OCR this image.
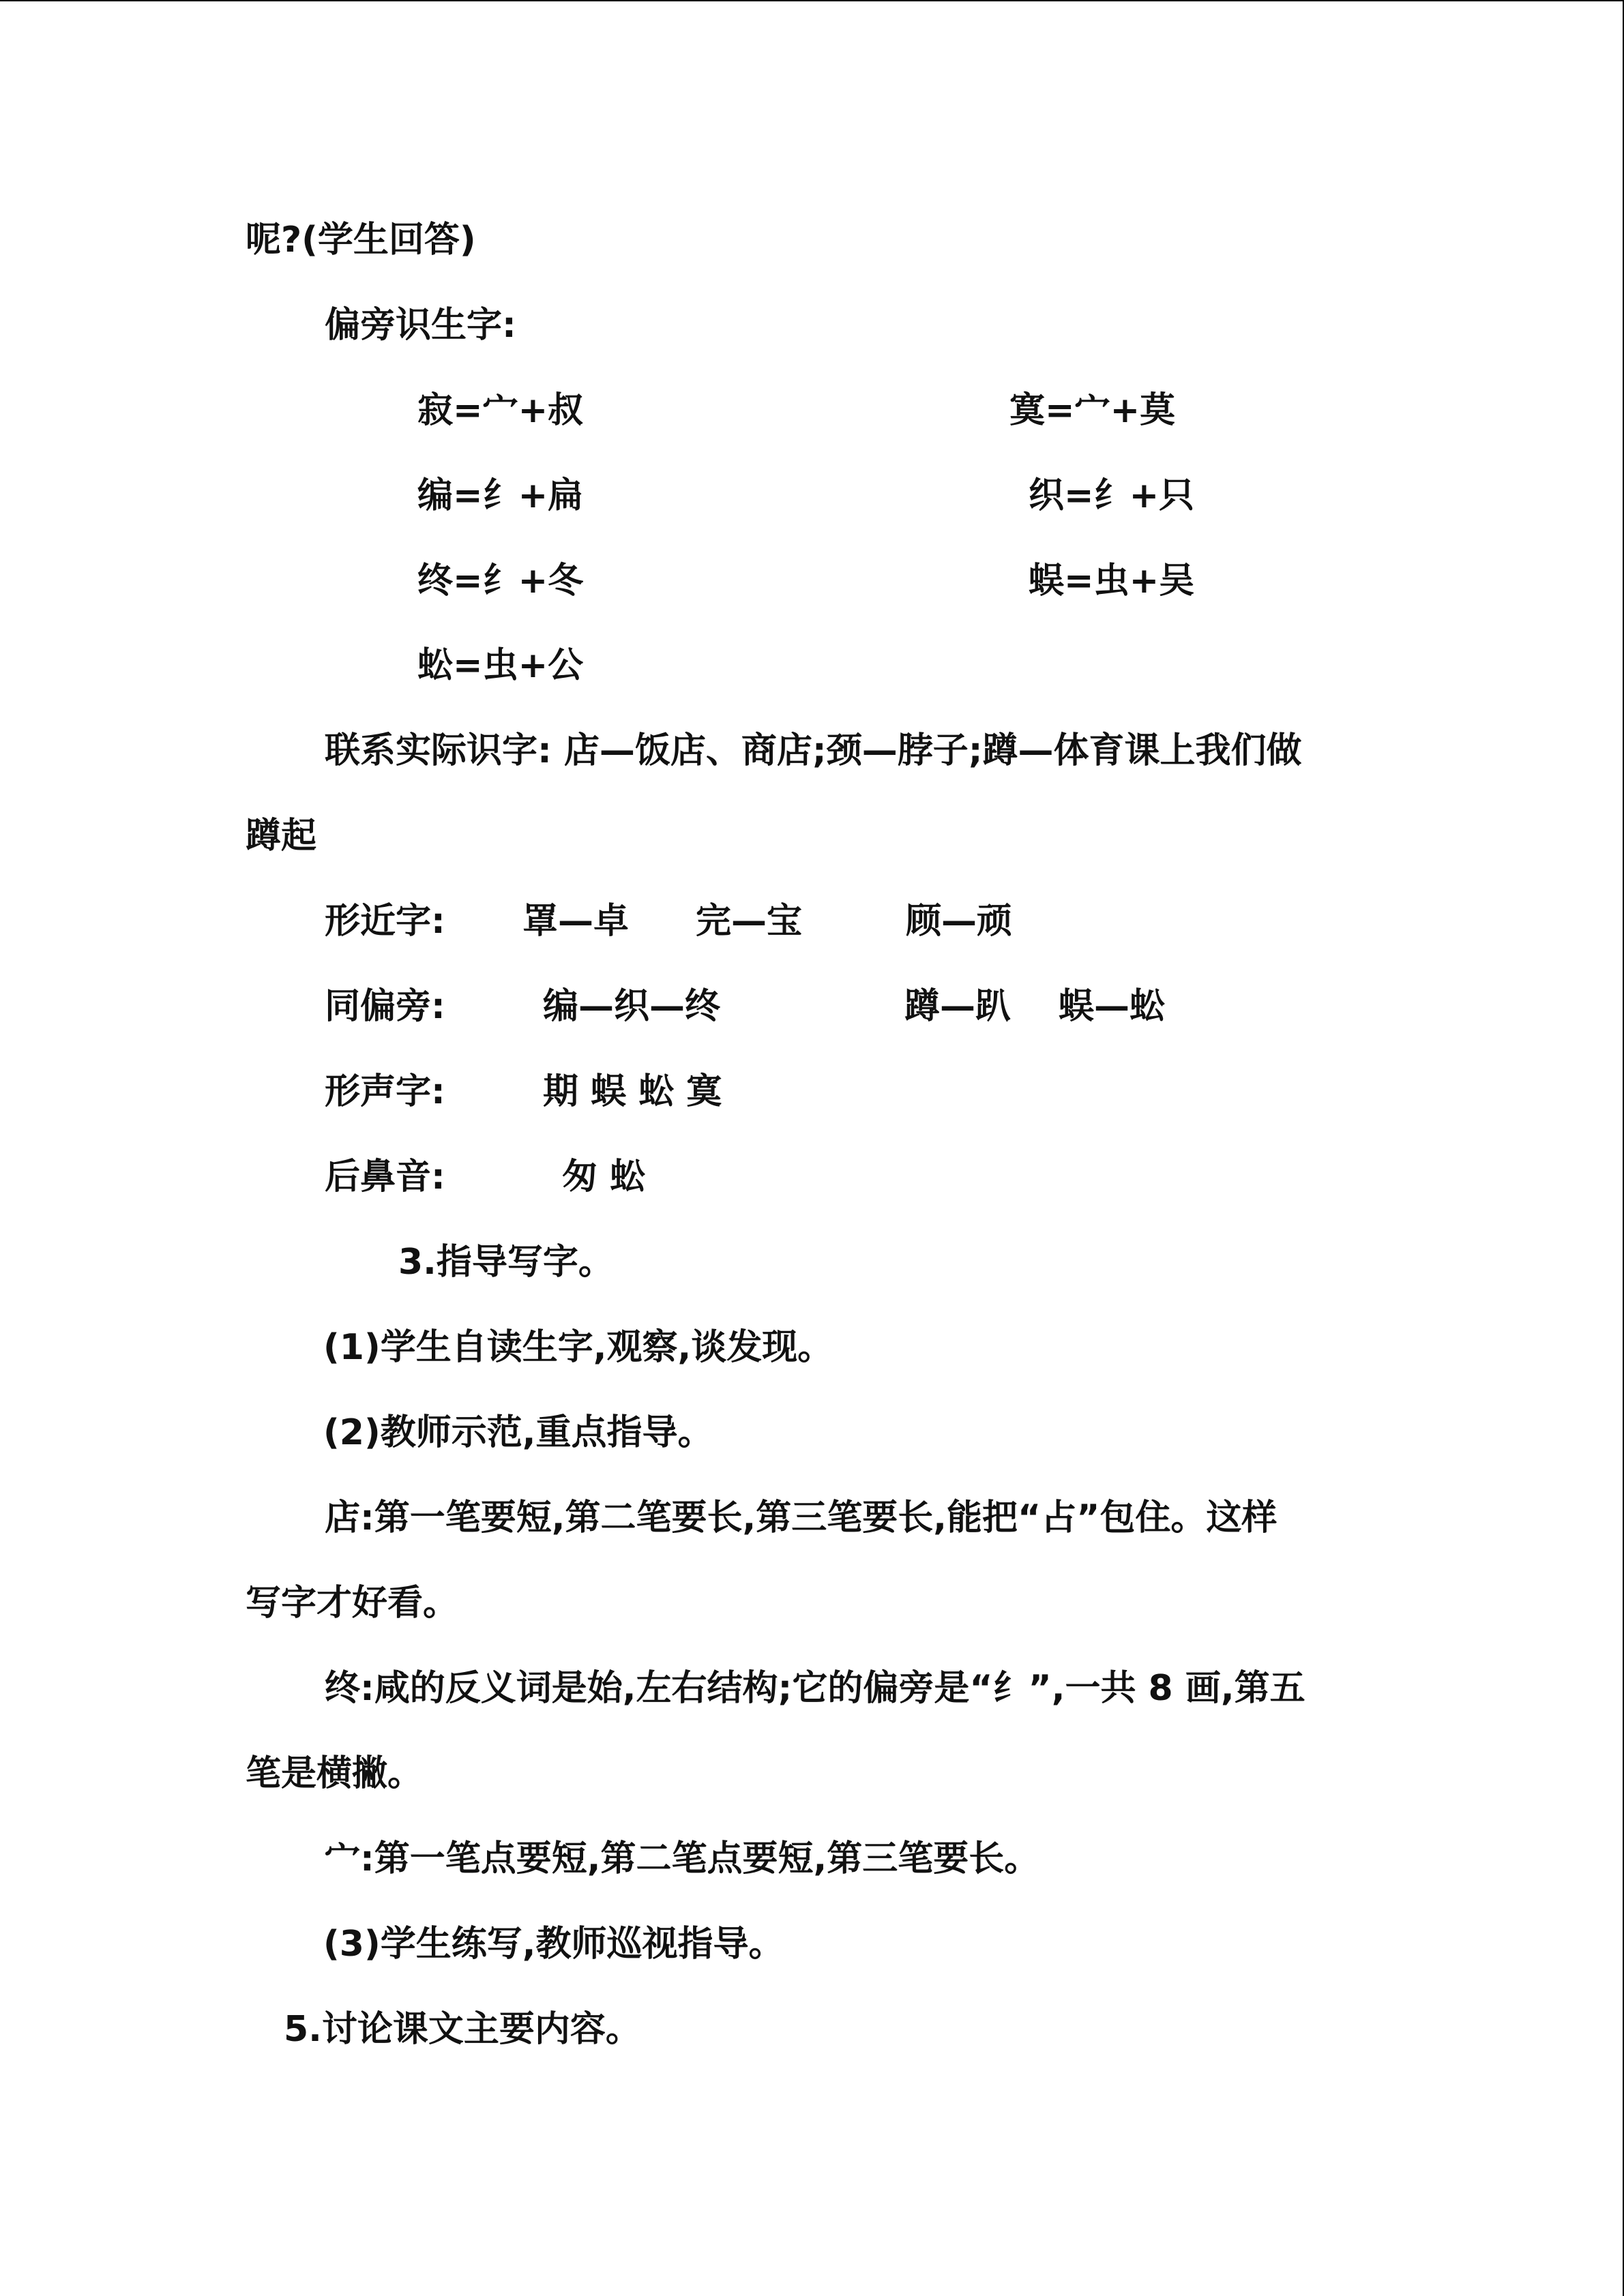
呢?(学生回答)

偏旁识生字:

寂=宀+叔	寞=宀+莫

编=纟+扁	织=纟+只

终=纟+冬	蜈=虫+吴

蚣=虫+公

联系实际识字: 店—饭店、商店;颈—脖子;蹲—体育课上我们做

蹲起

形近字: 罩—卓 完—宝	顾—顽

同偏旁:	编—织—终	蹲—趴 蜈—蚣

形声字:	期 蜈 蚣 寞

后鼻音:	匆 蚣

3.指导写字。

(1)学生自读生字,观察,谈发现。

(2)教师示范,重点指导。

店:第一笔要短,第二笔要长,第三笔要长,能把“占”包住。这样

写字才好看。

终:咸的反义词是始,左右结构;它的偏旁是“纟”,一共 8 画,第五

笔是横撇。

宀:第一笔点要短,第二笔点要短,第三笔要长。

(3)学生练写,教师巡视指导。

5.讨论课文主要内容。
